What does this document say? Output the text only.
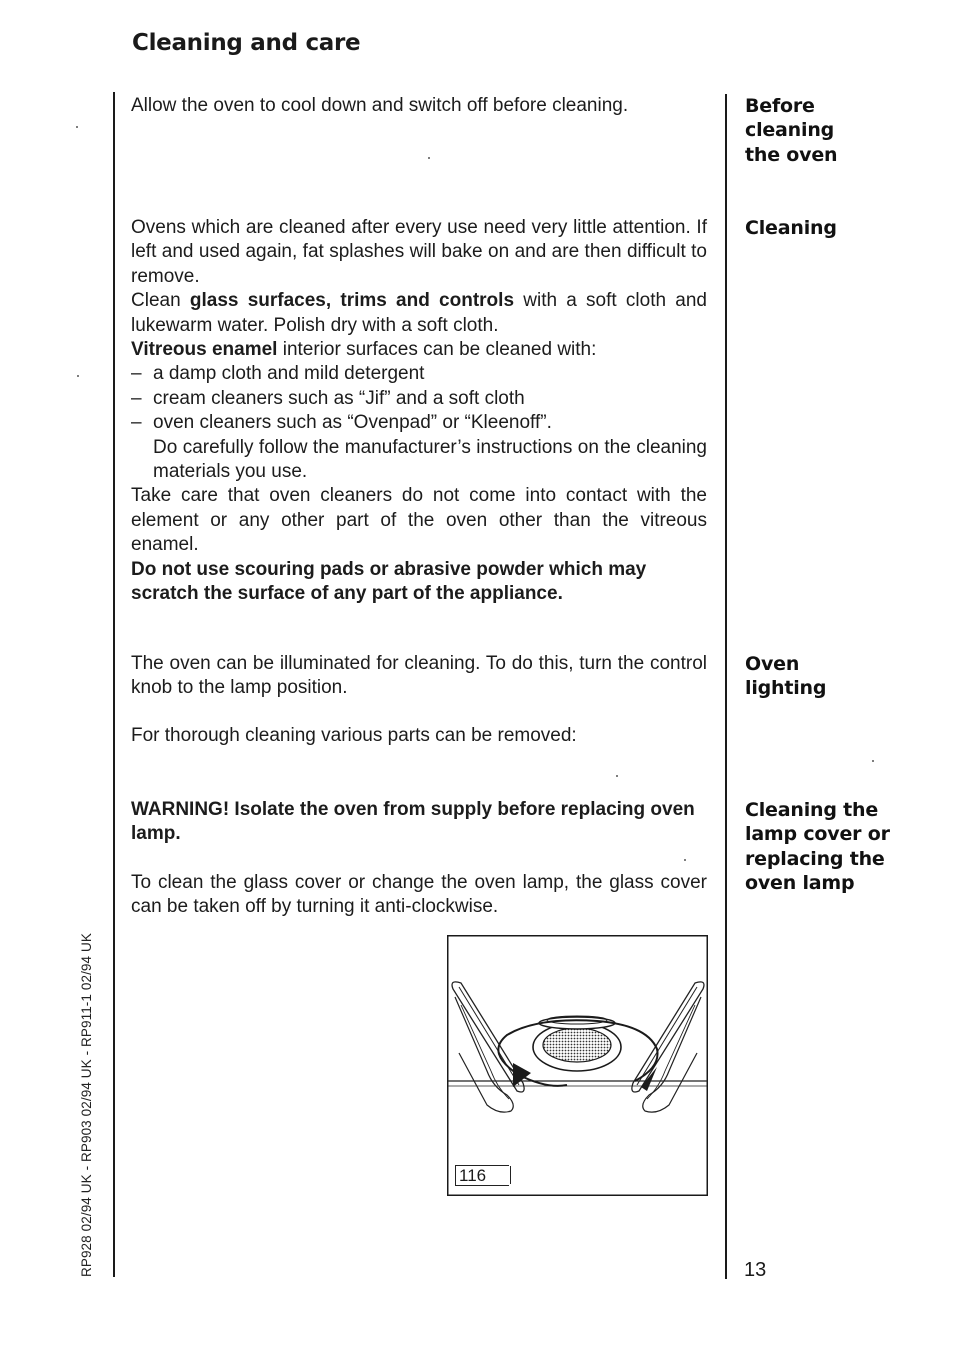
Cleaning and care

Allow the oven to cool down and switch off before cleaning.	Before cleaning the oven

Ovens which are cleaned after every use need very little attention. If left and used again, fat splashes will bake on and are then difficult to remove.

Clean glass surfaces, trims and controls with a soft cloth and lukewarm water. Polish dry with a soft cloth.

Vitreous enamel interior surfaces can be cleaned with:

– a damp cloth and mild detergent
– cream cleaners such as “Jif” and a soft cloth
– oven cleaners such as “Ovenpad” or “Kleenoff”.

Do carefully follow the manufacturer’s instructions on the cleaning materials you use.

Take care that oven cleaners do not come into contact with the element or any other part of the oven other than the vitreous enamel.

Do not use scouring pads or abrasive powder which may scratch the surface of any part of the appliance.

Cleaning

The oven can be illuminated for cleaning. To do this, turn the control knob to the lamp position.

For thorough cleaning various parts can be removed:

Oven lighting

WARNING! Isolate the oven from supply before replacing oven lamp.

To clean the glass cover or change the oven lamp, the glass cover can be taken off by turning it anti-clockwise.

Cleaning the lamp cover or replacing the oven lamp
116
13
RP928 02/94 UK - RP903 02/94 UK - RP911-1 02/94 UK
